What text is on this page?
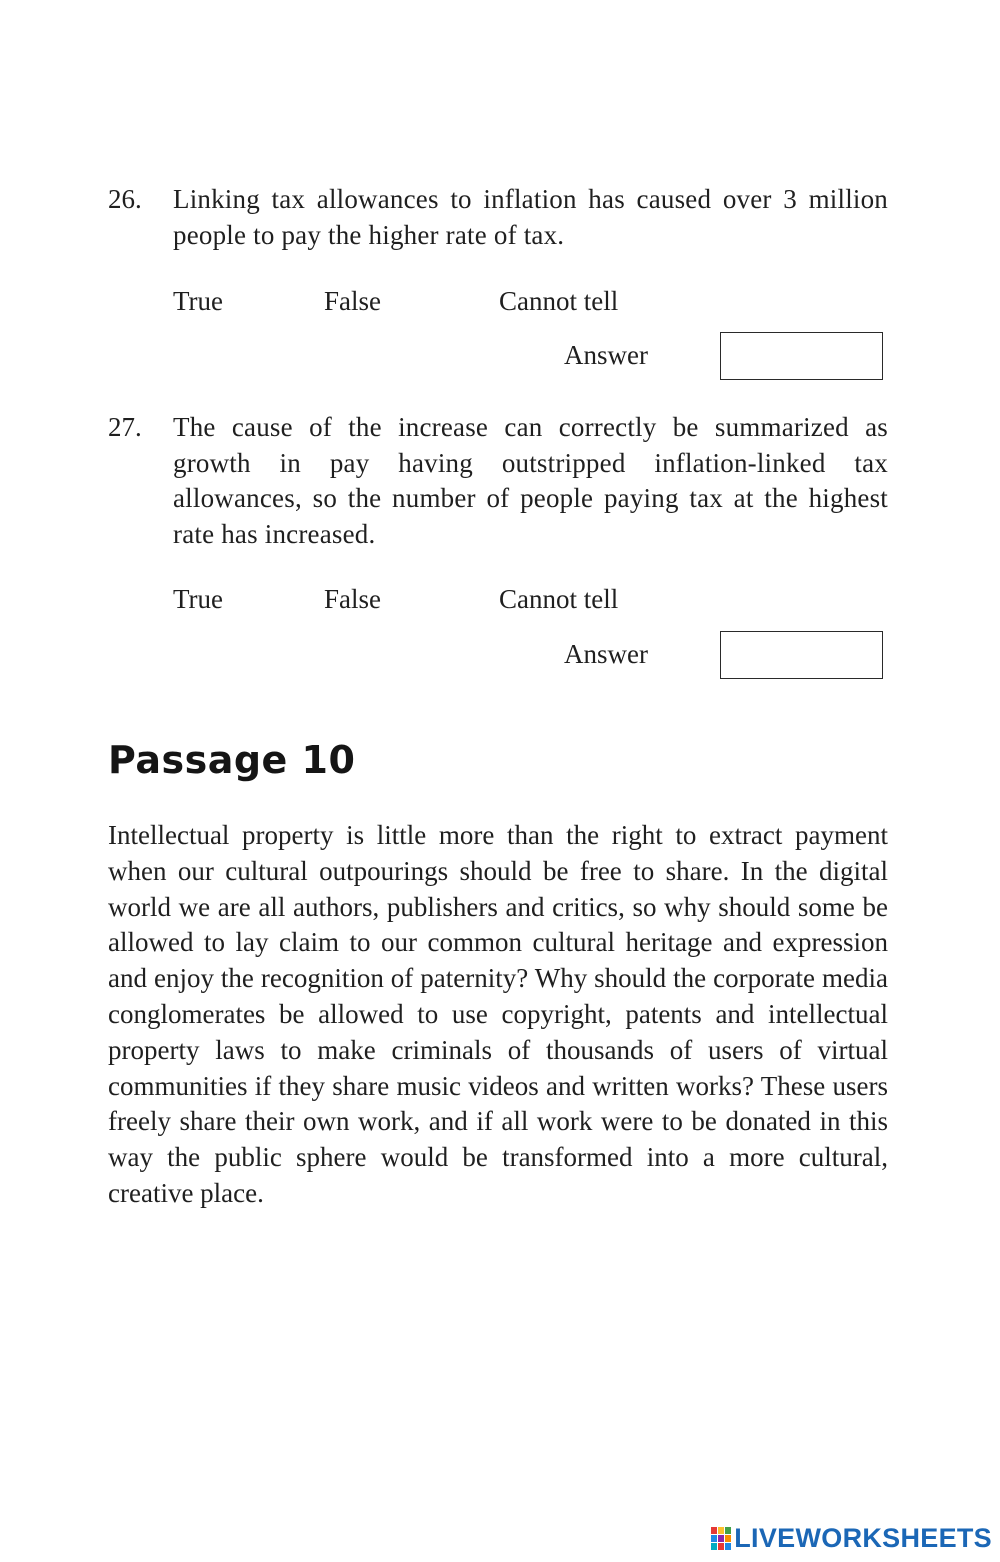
26. Linking tax allowances to inflation has caused over 3 million people to pay the higher rate of tax.
True	False	Cannot tell
Answer
27. The cause of the increase can correctly be summarized as growth in pay having outstripped inflation-linked tax allowances, so the number of people paying tax at the highest rate has increased.
True	False	Cannot tell
Answer
Passage 10
Intellectual property is little more than the right to extract payment when our cultural outpourings should be free to share. In the digital world we are all authors, publishers and critics, so why should some be allowed to lay claim to our common cultural heritage and expression and enjoy the recognition of paternity? Why should the corporate media conglomerates be allowed to use copyright, patents and intellectual property laws to make criminals of thousands of users of virtual communities if they share music videos and written works? These users freely share their own work, and if all work were to be donated in this way the public sphere would be transformed into a more cultural, creative place.
LIVEWORKSHEETS
